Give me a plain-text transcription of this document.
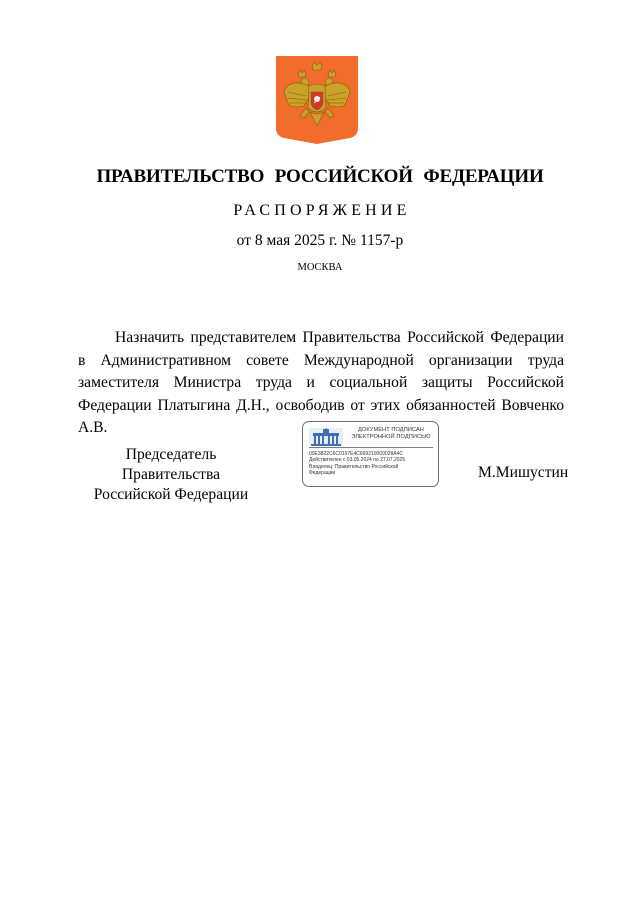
ПРАВИТЕЛЬСТВО РОССИЙСКОЙ ФЕДЕРАЦИИ
РАСПОРЯЖЕНИЕ
от 8 мая 2025 г. № 1157-р
МОСКВА
Назначить представителем Правительства Российской Федерации в Административном совете Международной организации труда заместителя Министра труда и социальной защиты Российской Федерации Платыгина Д.Н., освободив от этих обязанностей Вовченко А.В.
Председатель Правительства
Российской Федерации
ДОКУМЕНТ ПОДПИСАН
ЭЛЕКТРОННОЙ ПОДПИСЬЮ
00E3822C6C0197E4C669210009028A4C
Действителен с 03.05.2024 по 27.07.2025
Владелец: Правительство Российской
Федерации	М.Мишустин
